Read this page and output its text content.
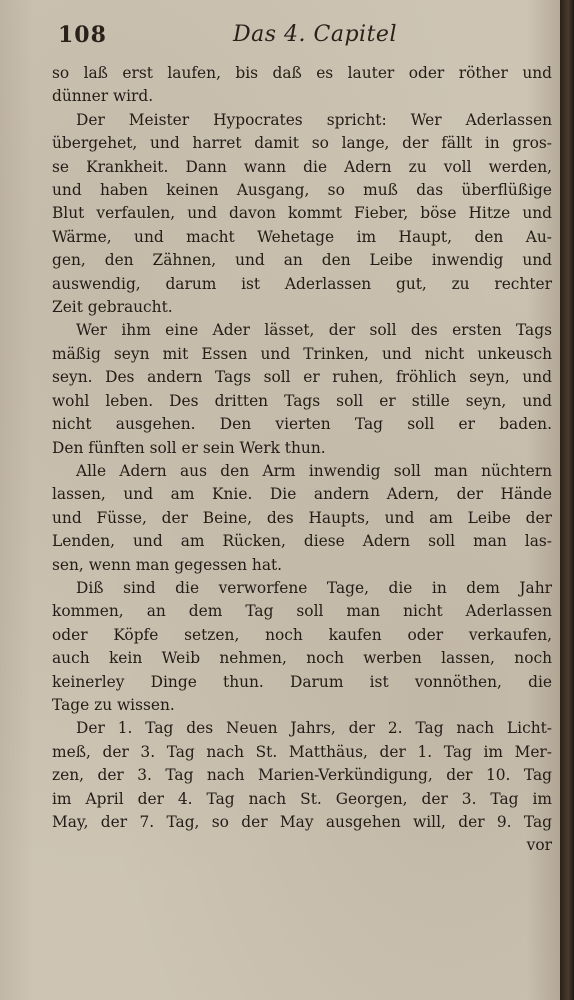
108	Das 4. Capitel
so laß erst laufen, bis daß es lauter oder röther und
dünner wird.
Der Meister Hypocrates spricht: Wer Aderlassen
übergehet, und harret damit so lange, der fällt in gros-
se Krankheit. Dann wann die Adern zu voll werden,
und haben keinen Ausgang, so muß das überflüßige
Blut verfaulen, und davon kommt Fieber, böse Hitze und
Wärme, und macht Wehetage im Haupt, den Au-
gen, den Zähnen, und an den Leibe inwendig und
auswendig, darum ist Aderlassen gut, zu rechter
Zeit gebraucht.
Wer ihm eine Ader lässet, der soll des ersten Tags
mäßig seyn mit Essen und Trinken, und nicht unkeusch
seyn. Des andern Tags soll er ruhen, fröhlich seyn, und
wohl leben. Des dritten Tags soll er stille seyn, und
nicht ausgehen. Den vierten Tag soll er baden.
Den fünften soll er sein Werk thun.
Alle Adern aus den Arm inwendig soll man nüchtern
lassen, und am Knie. Die andern Adern, der Hände
und Füsse, der Beine, des Haupts, und am Leibe der
Lenden, und am Rücken, diese Adern soll man las-
sen, wenn man gegessen hat.
Diß sind die verworfene Tage, die in dem Jahr
kommen, an dem Tag soll man nicht Aderlassen
oder Köpfe setzen, noch kaufen oder verkaufen,
auch kein Weib nehmen, noch werben lassen, noch
keinerley Dinge thun. Darum ist vonnöthen, die
Tage zu wissen.
Der 1. Tag des Neuen Jahrs, der 2. Tag nach Licht-
meß, der 3. Tag nach St. Matthäus, der 1. Tag im Mer-
zen, der 3. Tag nach Marien-Verkündigung, der 10. Tag
im April der 4. Tag nach St. Georgen, der 3. Tag im
May, der 7. Tag, so der May ausgehen will, der 9. Tag
vor
